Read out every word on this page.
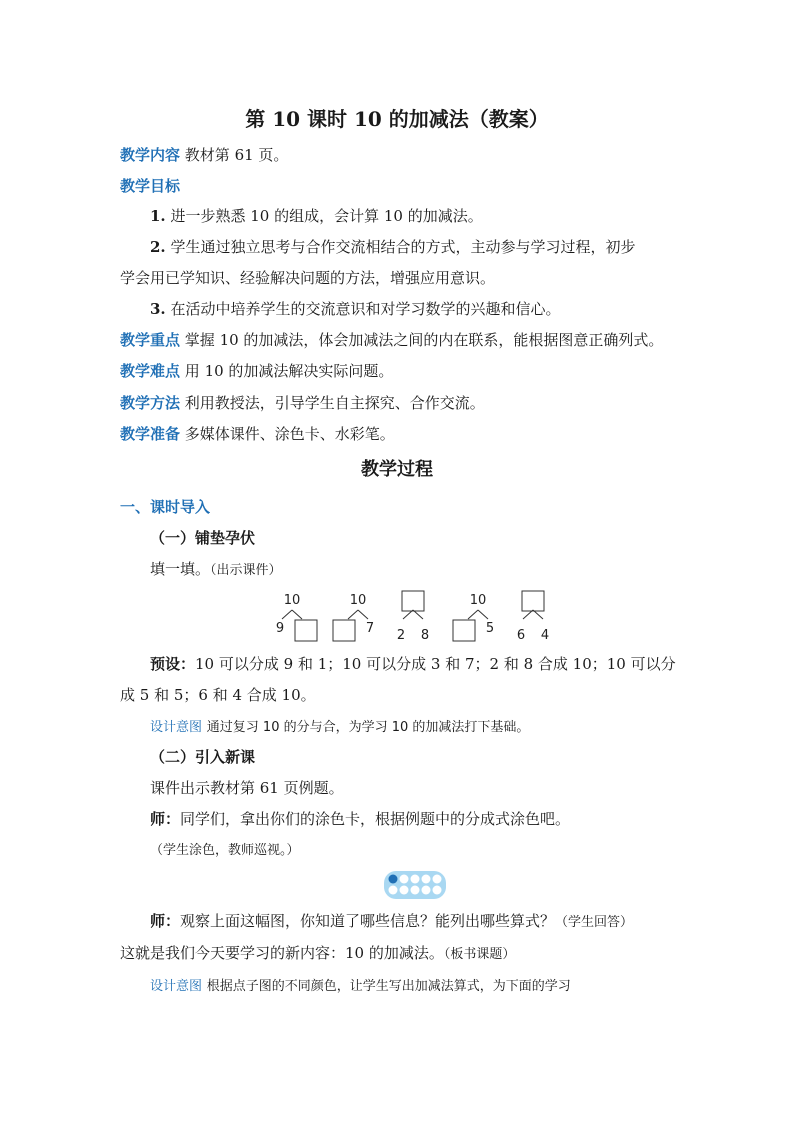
第 10 课时 10 的加减法（教案）
教学内容 教材第 61 页。
教学目标
1. 进一步熟悉 10 的组成，会计算 10 的加减法。
2. 学生通过独立思考与合作交流相结合的方式，主动参与学习过程，初步
学会用已学知识、经验解决问题的方法，增强应用意识。
3. 在活动中培养学生的交流意识和对学习数学的兴趣和信心。
教学重点 掌握 10 的加减法，体会加减法之间的内在联系，能根据图意正确列式。
教学难点 用 10 的加减法解决实际问题。
教学方法 利用教授法，引导学生自主探究、合作交流。
教学准备 多媒体课件、涂色卡、水彩笔。
教学过程
一、课时导入
（一）铺垫孕伏
填一填。（出示课件）
10
9
10
7 2 8
10
5 6 4
预设：10 可以分成 9 和 1；10 可以分成 3 和 7；2 和 8 合成 10；10 可以分
成 5 和 5；6 和 4 合成 10。
设计意图 通过复习 10 的分与合，为学习 10 的加减法打下基础。
（二）引入新课
课件出示教材第 61 页例题。
师：同学们，拿出你们的涂色卡，根据例题中的分成式涂色吧。
（学生涂色，教师巡视。）
师：观察上面这幅图，你知道了哪些信息？能列出哪些算式？（学生回答）
这就是我们今天要学习的新内容：10 的加减法。（板书课题）
设计意图 根据点子图的不同颜色，让学生写出加减法算式，为下面的学习
